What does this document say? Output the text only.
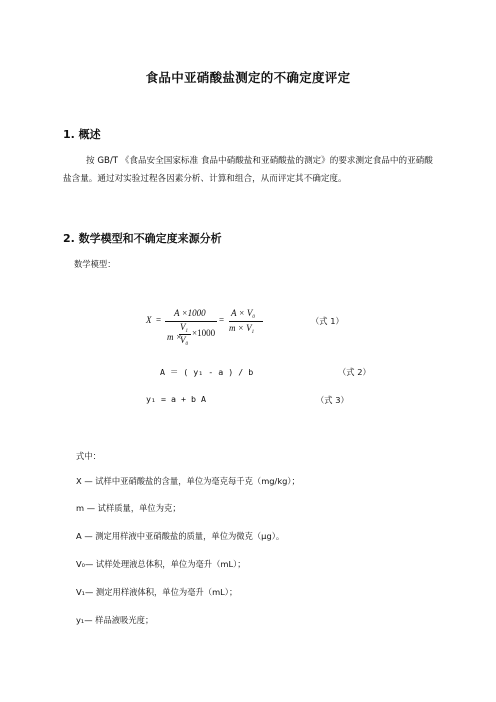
食品中亚硝酸盐测定的不确定度评定
1. 概述
按 GB/T 《食品安全国家标准 食品中硝酸盐和亚硝酸盐的测定》的要求测定食品中的亚硝酸盐含量。通过对实验过程各因素分析、计算和组合，从而评定其不确定度。
2. 数学模型和不确定度来源分析
数学模型：
X =
A ×1000
m ×
$V_1$
$V_0$
×1000
=
$A \times V_0$
$m \times V_1$
（式 1）
A ＝ ( y₁ - a ) / b	（式 2）
y₁ = a + b A	（式 3）
式中：
X — 试样中亚硝酸盐的含量，单位为毫克每千克（mg/kg）；
m — 试样质量，单位为克；
A — 测定用样液中亚硝酸盐的质量，单位为微克（μg）。
V₀— 试样处理液总体积，单位为毫升（mL）；
V₁— 测定用样液体积，单位为毫升（mL）；
y₁— 样品液吸光度；
